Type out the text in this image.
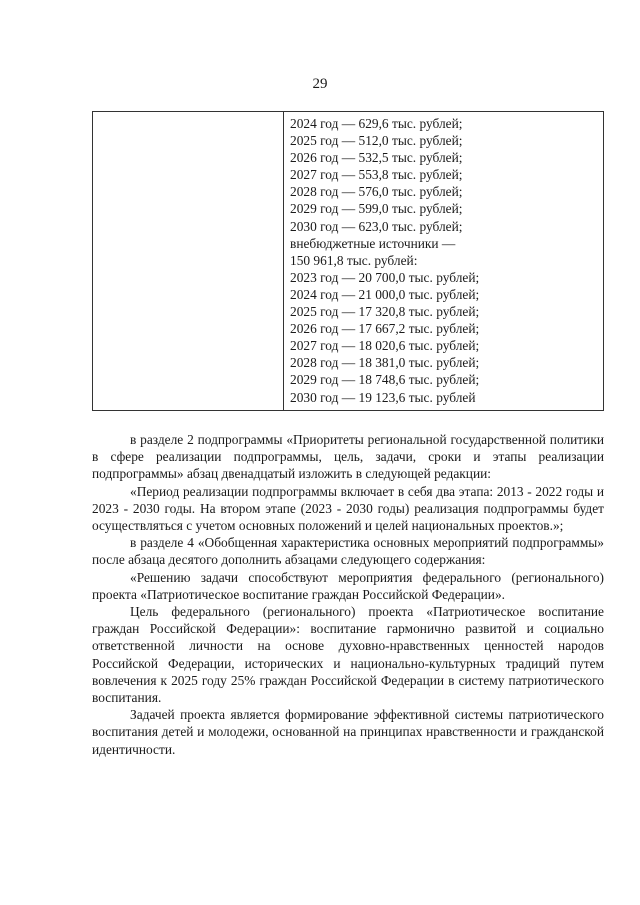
29
2024 год — 629,6 тыс. рублей;
2025 год — 512,0 тыс. рублей;
2026 год — 532,5 тыс. рублей;
2027 год — 553,8 тыс. рублей;
2028 год — 576,0 тыс. рублей;
2029 год — 599,0 тыс. рублей;
2030 год — 623,0 тыс. рублей;
внебюджетные источники —
150 961,8 тыс. рублей:
2023 год — 20 700,0 тыс. рублей;
2024 год — 21 000,0 тыс. рублей;
2025 год — 17 320,8 тыс. рублей;
2026 год — 17 667,2 тыс. рублей;
2027 год — 18 020,6 тыс. рублей;
2028 год — 18 381,0 тыс. рублей;
2029 год — 18 748,6 тыс. рублей;
2030 год — 19 123,6 тыс. рублей

в разделе 2 подпрограммы «Приоритеты региональной государственной политики в сфере реализации подпрограммы, цель, задачи, сроки и этапы реализации подпрограммы» абзац двенадцатый изложить в следующей редакции:

«Период реализации подпрограммы включает в себя два этапа: 2013 - 2022 годы и 2023 - 2030 годы. На втором этапе (2023 - 2030 годы) реализация подпрограммы будет осуществляться с учетом основных положений и целей национальных проектов.»;

в разделе 4 «Обобщенная характеристика основных мероприятий подпрограммы» после абзаца десятого дополнить абзацами следующего содержания:

«Решению задачи способствуют мероприятия федерального (регионального) проекта «Патриотическое воспитание граждан Российской Федерации».

Цель федерального (регионального) проекта «Патриотическое воспитание граждан Российской Федерации»: воспитание гармонично развитой и социально ответственной личности на основе духовно-нравственных ценностей народов Российской Федерации, исторических и национально-культурных традиций путем вовлечения к 2025 году 25% граждан Российской Федерации в систему патриотического воспитания.

Задачей проекта является формирование эффективной системы патриотического воспитания детей и молодежи, основанной на принципах нравственности и гражданской идентичности.
